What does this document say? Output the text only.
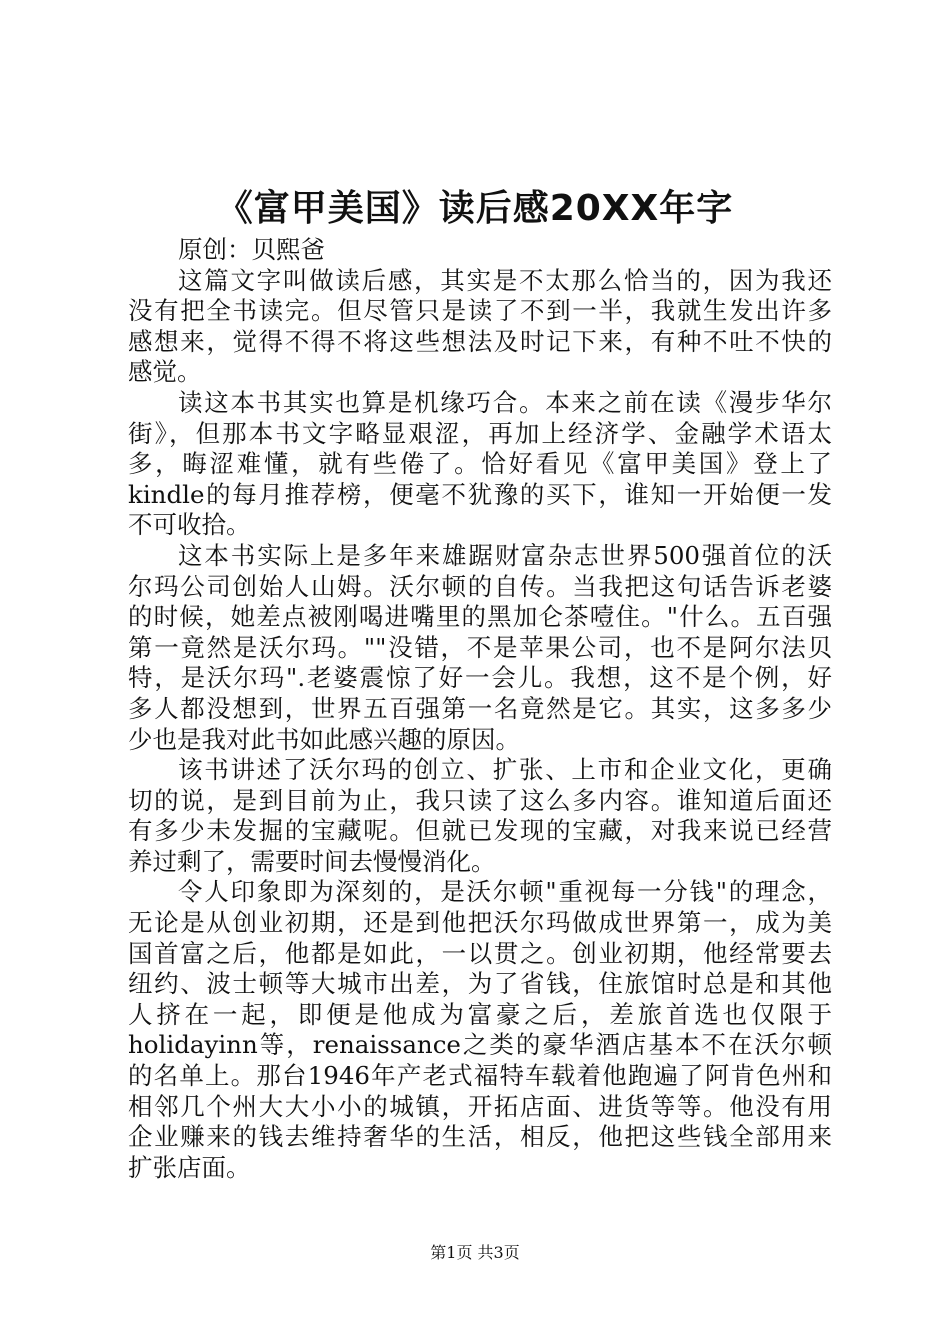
《富甲美国》读后感20XX年字
原创：贝熙爸
这篇文字叫做读后感，其实是不太那么恰当的，因为我还
没有把全书读完。但尽管只是读了不到一半，我就生发出许多
感想来，觉得不得不将这些想法及时记下来，有种不吐不快的
感觉。
读这本书其实也算是机缘巧合。本来之前在读《漫步华尔
街》，但那本书文字略显艰涩，再加上经济学、金融学术语太
多，晦涩难懂，就有些倦了。恰好看见《富甲美国》登上了
kindle的每月推荐榜，便毫不犹豫的买下，谁知一开始便一发
不可收拾。
这本书实际上是多年来雄踞财富杂志世界500强首位的沃
尔玛公司创始人山姆。沃尔顿的自传。当我把这句话告诉老婆
的时候，她差点被刚喝进嘴里的黑加仑茶噎住。"什么。五百强
第一竟然是沃尔玛。""没错，不是苹果公司，也不是阿尔法贝
特，是沃尔玛".老婆震惊了好一会儿。我想，这不是个例，好
多人都没想到，世界五百强第一名竟然是它。其实，这多多少
少也是我对此书如此感兴趣的原因。
该书讲述了沃尔玛的创立、扩张、上市和企业文化，更确
切的说，是到目前为止，我只读了这么多内容。谁知道后面还
有多少未发掘的宝藏呢。但就已发现的宝藏，对我来说已经营
养过剩了，需要时间去慢慢消化。
令人印象即为深刻的，是沃尔顿"重视每一分钱"的理念，
无论是从创业初期，还是到他把沃尔玛做成世界第一，成为美
国首富之后，他都是如此，一以贯之。创业初期，他经常要去
纽约、波士顿等大城市出差，为了省钱，住旅馆时总是和其他
人挤在一起，即便是他成为富豪之后，差旅首选也仅限于
holidayinn等，renaissance之类的豪华酒店基本不在沃尔顿
的名单上。那台1946年产老式福特车载着他跑遍了阿肯色州和
相邻几个州大大小小的城镇，开拓店面、进货等等。他没有用
企业赚来的钱去维持奢华的生活，相反，他把这些钱全部用来
扩张店面。
第1页 共3页
